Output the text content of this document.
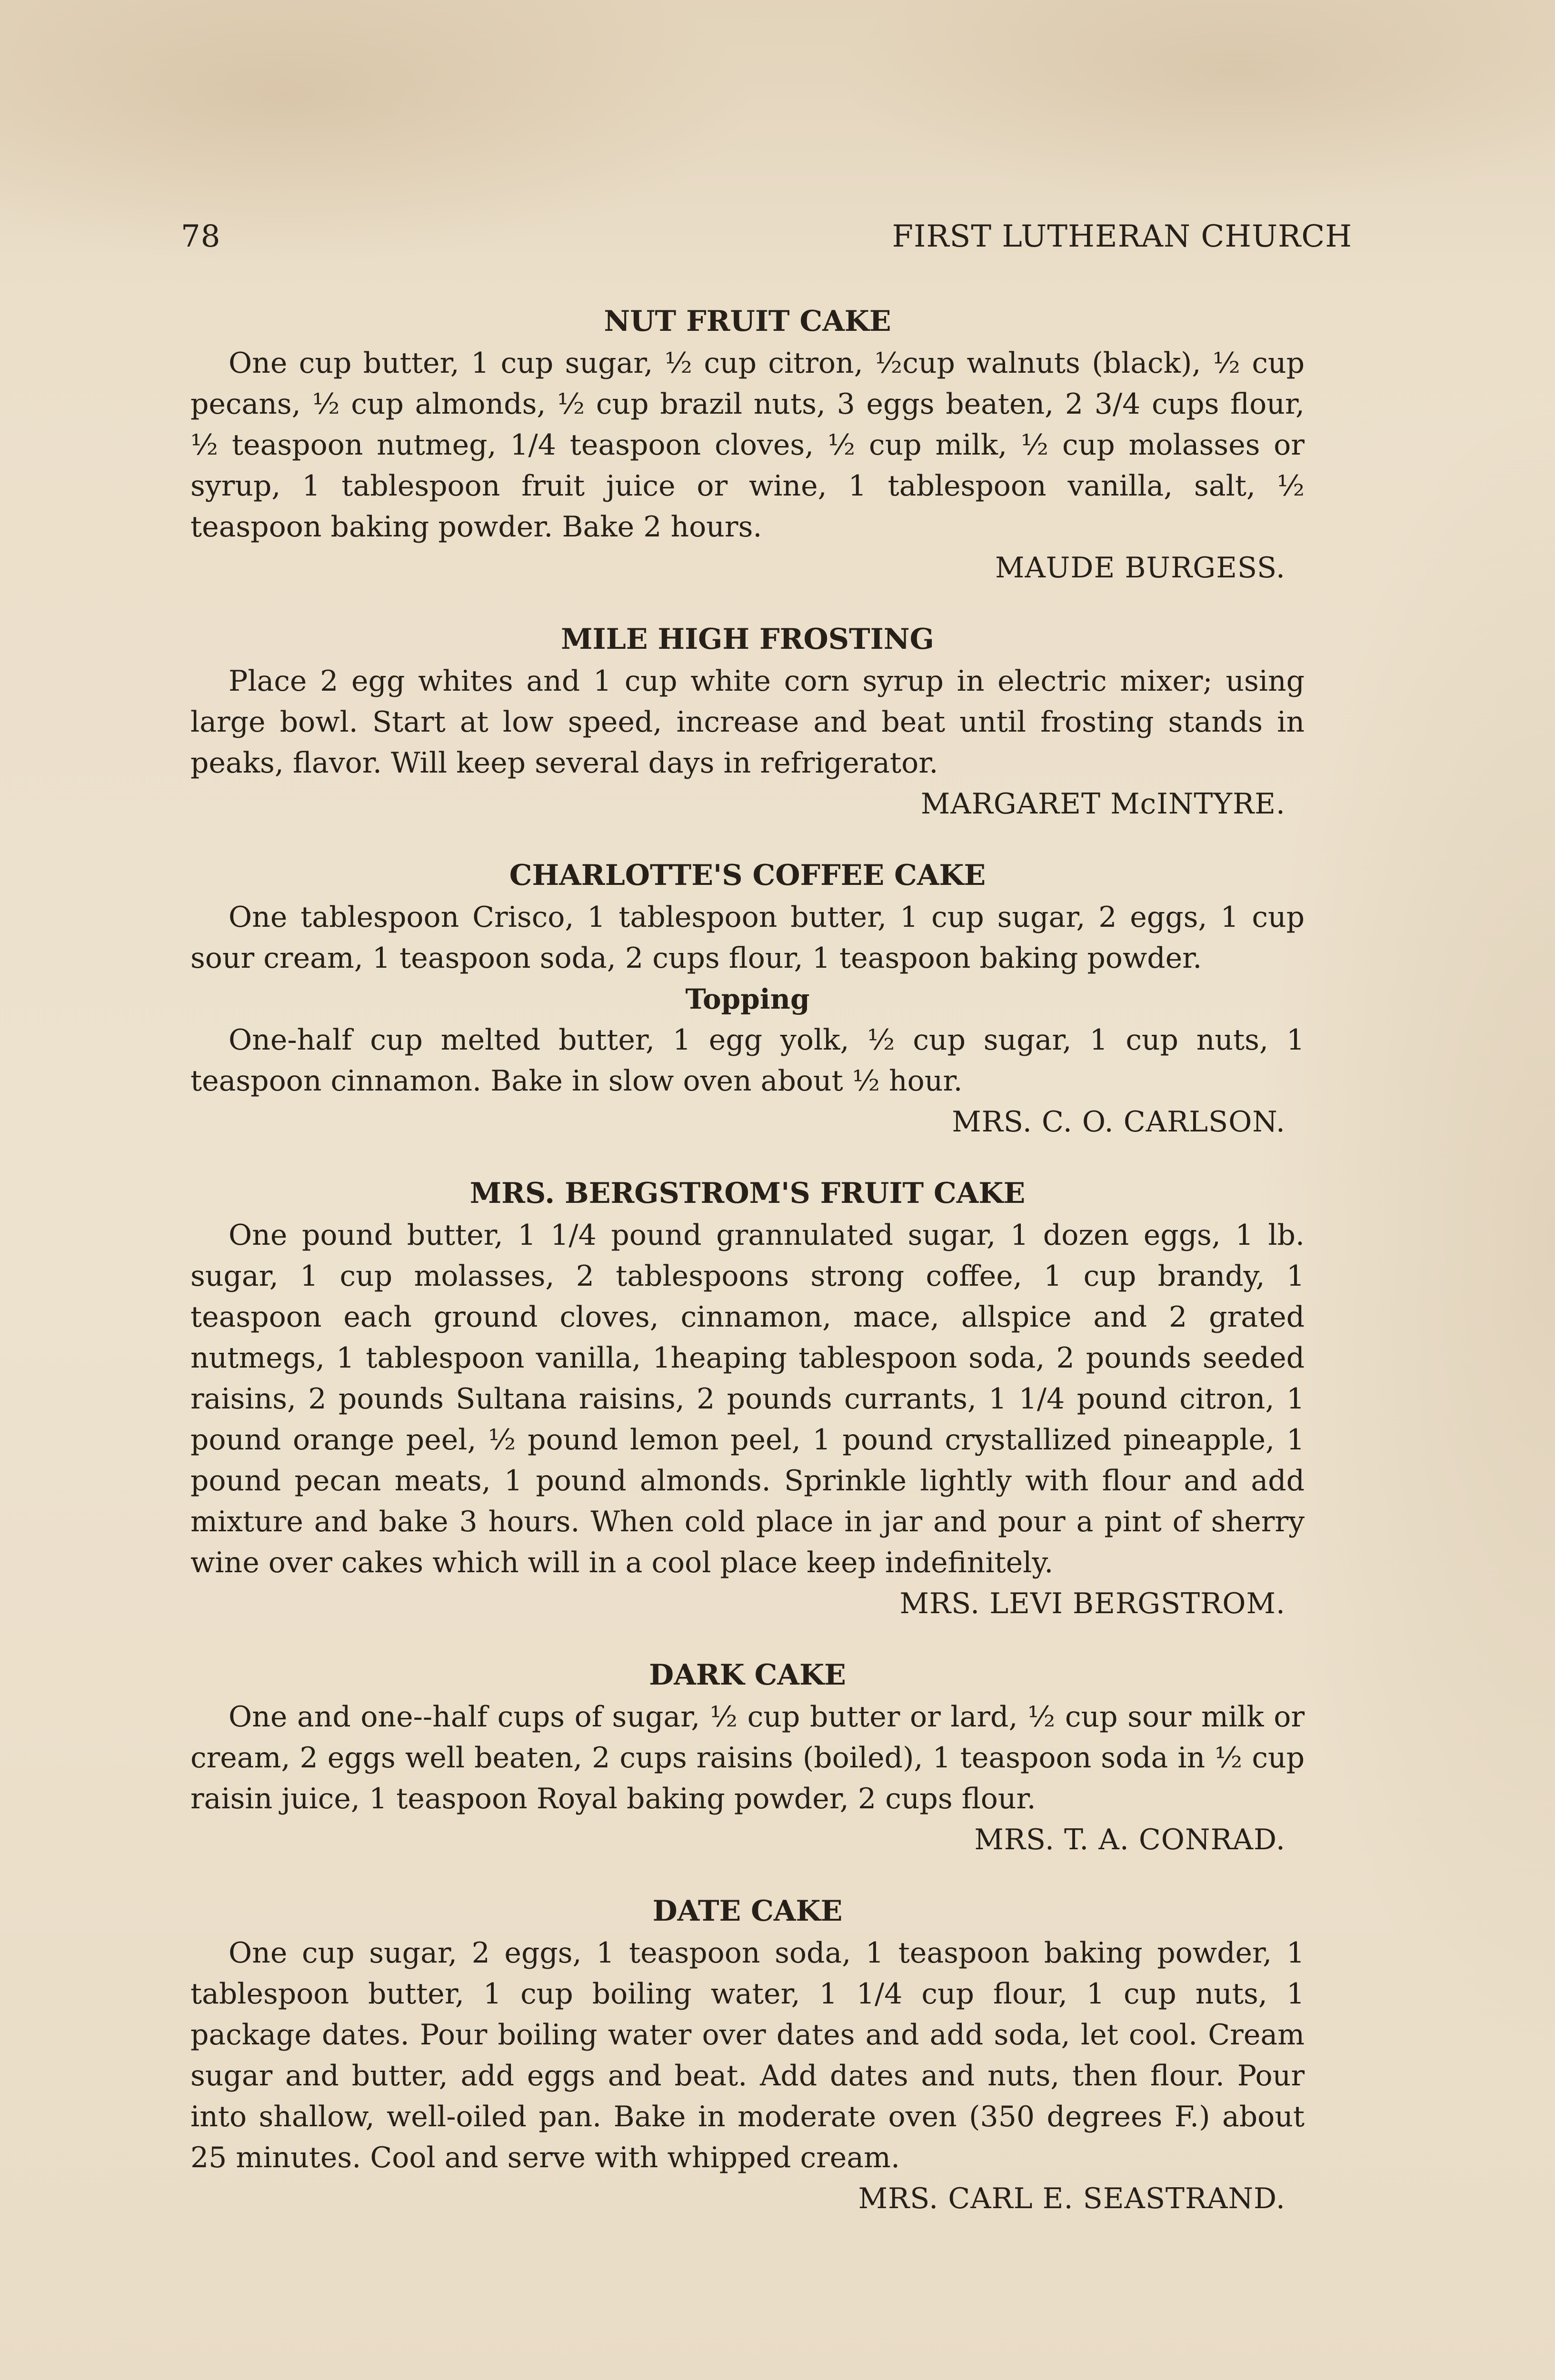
78	FIRST LUTHERAN CHURCH

NUT FRUIT CAKE

One cup butter, 1 cup sugar, ½ cup citron, ½cup walnuts (black), ½ cup pecans, ½ cup almonds, ½ cup brazil nuts, 3 eggs beaten, 2 3/4 cups flour, ½ teaspoon nutmeg, 1/4 teaspoon cloves, ½ cup milk, ½ cup molasses or syrup, 1 tablespoon fruit juice or wine, 1 tablespoon vanilla, salt, ½ teaspoon baking powder. Bake 2 hours.

MAUDE BURGESS.

MILE HIGH FROSTING

Place 2 egg whites and 1 cup white corn syrup in electric mixer; using large bowl. Start at low speed, increase and beat until frosting stands in peaks, flavor. Will keep several days in refrigerator.

MARGARET McINTYRE.

CHARLOTTE'S COFFEE CAKE

One tablespoon Crisco, 1 tablespoon butter, 1 cup sugar, 2 eggs, 1 cup sour cream, 1 teaspoon soda, 2 cups flour, 1 teaspoon baking powder.

Topping

One-half cup melted butter, 1 egg yolk, ½ cup sugar, 1 cup nuts, 1 teaspoon cinnamon. Bake in slow oven about ½ hour.

MRS. C. O. CARLSON.

MRS. BERGSTROM'S FRUIT CAKE

One pound butter, 1 1/4 pound grannulated sugar, 1 dozen eggs, 1 lb. sugar, 1 cup molasses, 2 tablespoons strong coffee, 1 cup brandy, 1 teaspoon each ground cloves, cinnamon, mace, allspice and 2 grated nutmegs, 1 tablespoon vanilla, 1heaping tablespoon soda, 2 pounds seeded raisins, 2 pounds Sultana raisins, 2 pounds currants, 1 1/4 pound citron, 1 pound orange peel, ½ pound lemon peel, 1 pound crystallized pineapple, 1 pound pecan meats, 1 pound almonds. Sprinkle lightly with flour and add mixture and bake 3 hours. When cold place in jar and pour a pint of sherry wine over cakes which will in a cool place keep indefinitely.

MRS. LEVI BERGSTROM.

DARK CAKE

One and one--half cups of sugar, ½ cup butter or lard, ½ cup sour milk or cream, 2 eggs well beaten, 2 cups raisins (boiled), 1 teaspoon soda in ½ cup raisin juice, 1 teaspoon Royal baking powder, 2 cups flour.

MRS. T. A. CONRAD.

DATE CAKE

One cup sugar, 2 eggs, 1 teaspoon soda, 1 teaspoon baking powder, 1 tablespoon butter, 1 cup boiling water, 1 1/4 cup flour, 1 cup nuts, 1 package dates. Pour boiling water over dates and add soda, let cool. Cream sugar and butter, add eggs and beat. Add dates and nuts, then flour. Pour into shallow, well-oiled pan. Bake in moderate oven (350 degrees F.) about 25 minutes. Cool and serve with whipped cream.

MRS. CARL E. SEASTRAND.
